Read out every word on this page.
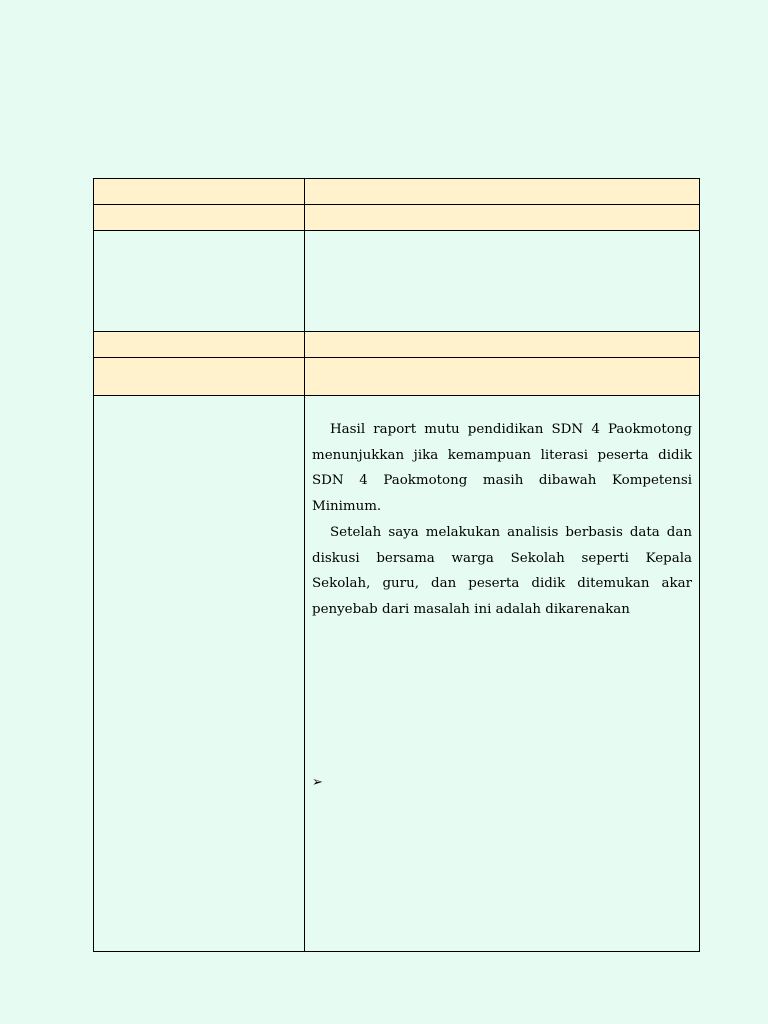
Hasil raport mutu pendidikan SDN 4 Paokmotong menunjukkan jika kemampuan literasi peserta didik SDN 4 Paokmotong masih dibawah Kompetensi Minimum.

Setelah saya melakukan analisis berbasis data dan diskusi bersama warga Sekolah seperti Kepala Sekolah, guru, dan peserta didik ditemukan akar penyebab dari masalah ini adalah dikarenakan

➢
